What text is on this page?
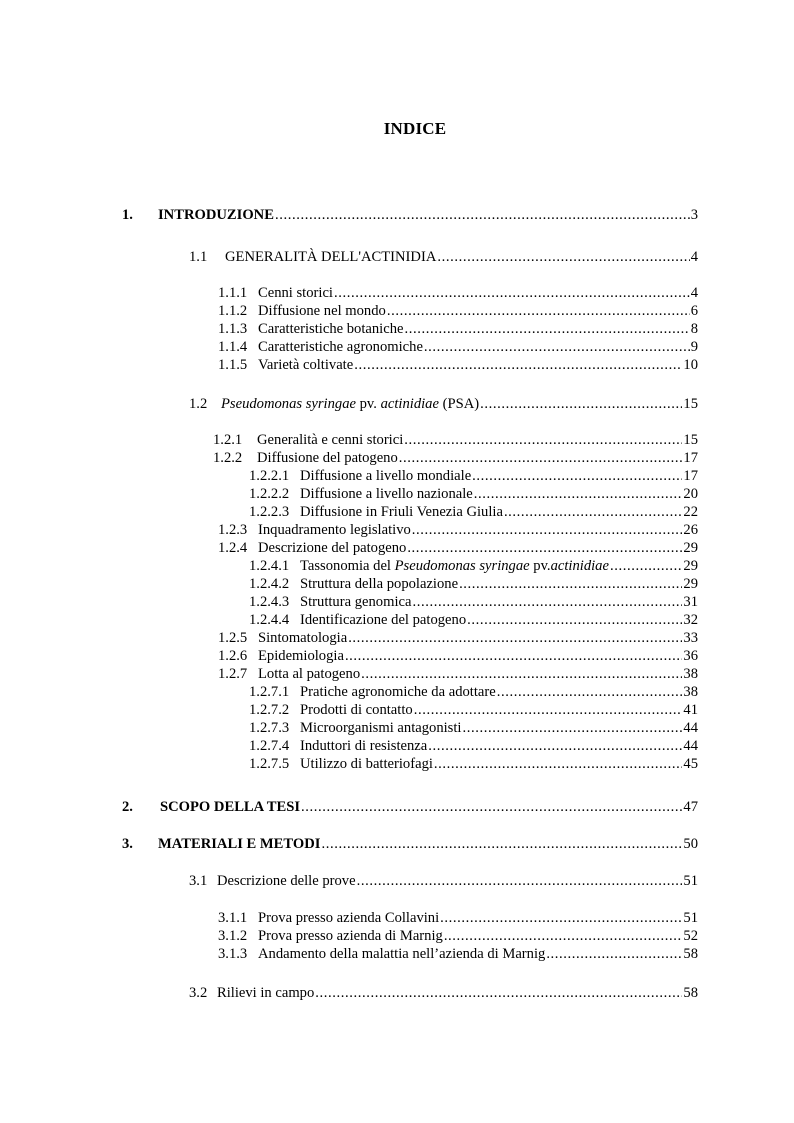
INDICE
1.	INTRODUZIONE .....	3
1.1	GENERALITÀ DELL'ACTINIDIA .....	4
1.1.1 Cenni storici .....	4
1.1.2 Diffusione nel mondo .....	6
1.1.3 Caratteristiche botaniche .....	8
1.1.4 Caratteristiche agronomiche .....	9
1.1.5 Varietà coltivate .....	10
1.2 Pseudomonas syringae pv. actinidiae (PSA) .....	15
1.2.1	Generalità e cenni storici .....	15
1.2.2	Diffusione del patogeno .....	17
1.2.2.1 Diffusione a livello mondiale .....	17
1.2.2.2 Diffusione a livello nazionale .....	20
1.2.2.3 Diffusione in Friuli Venezia Giulia .....	22
1.2.3 Inquadramento legislativo .....	26
1.2.4 Descrizione del patogeno .....	29
1.2.4.1 Tassonomia del Pseudomonas syringae pv.actinidiae .....	29
1.2.4.2 Struttura della popolazione .....	29
1.2.4.3 Struttura genomica .....	31
1.2.4.4 Identificazione del patogeno .....	32
1.2.5 Sintomatologia .....	33
1.2.6 Epidemiologia .....	36
1.2.7 Lotta al patogeno .....	38
1.2.7.1 Pratiche agronomiche da adottare .....	38
1.2.7.2 Prodotti di contatto .....	41
1.2.7.3 Microorganismi antagonisti .....	44
1.2.7.4 Induttori di resistenza .....	44
1.2.7.5 Utilizzo di batteriofagi .....	45
2.	SCOPO DELLA TESI .....	47
3.	MATERIALI E METODI .....	50
3.1 Descrizione delle prove .....	51
3.1.1 Prova presso azienda Collavini .....	51
3.1.2 Prova presso azienda di Marnig .....	52
3.1.3 Andamento della malattia nell’azienda di Marnig .....	58
3.2 Rilievi in campo .....	58
